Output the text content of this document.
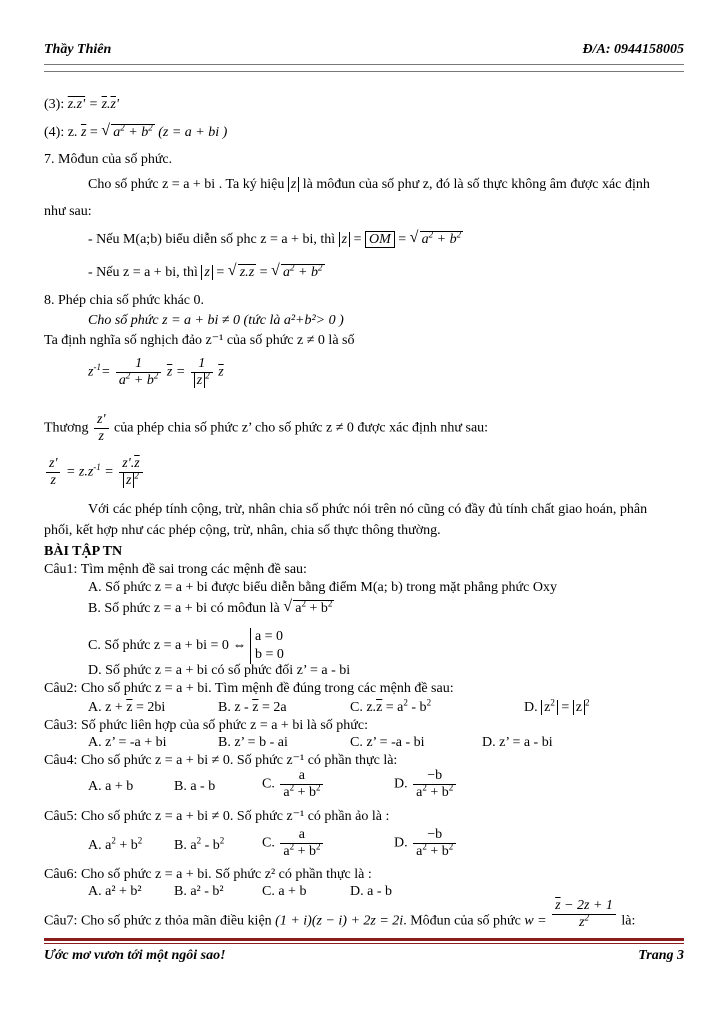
Thầy Thiên	Đ/A: 0944158005
(3): $z.z' = \overline{z}.\overline{z}'$
(4): z. $\overline{z}$ = √ $a^2 + b^2$ (z = a + bi )
7. Môđun của số phức.
Cho số phức z = a + bi . Ta ký hiệu z là môđun của số phư z, đó là số thực không âm được xác định
như sau:
- Nếu M(a;b) biểu diễn số phc z = a + bi, thì z = OM = √ $a^2 + b^2$
- Nếu z = a + bi, thì z = √ $z.\overline{z}$ = √ $a^2 + b^2$
8. Phép chia số phức khác 0.
Cho số phức z = a + bi ≠ 0 (tức là a²+b²> 0 )
Ta định nghĩa số nghịch đảo z⁻¹ của số phức z ≠ 0 là số
$z^{-1}= \frac{1}{a^2 + b^2} \overline{z} = \frac{1}{z ^2} \overline{z}$
Thương $\frac{z'}{z}$ của phép chia số phức z’ cho số phức z ≠ 0 được xác định như sau:
$\frac{z'}{z} = z.z^{-1} = \frac{z'.\overline{z}}{z ^2}$
Với các phép tính cộng, trừ, nhân chia số phức nói trên nó cũng có đầy đủ tính chất giao hoán, phân
phối, kết hợp như các phép cộng, trừ, nhân, chia số thực thông thường.
BÀI TẬP TN
Câu1: Tìm mệnh đề sai trong các mệnh đề sau:
A. Số phức z = a + bi được biểu diễn bằng điểm M(a; b) trong mặt phẳng phức Oxy
B. Số phức z = a + bi có môđun là √ $a^2 + b^2$
C. Số phức z = a + bi = 0 ⇔
a = 0
b = 0
D. Số phức z = a + bi có số phức đối z’ = a - bi
Câu2: Cho số phức z = a + bi. Tìm mệnh đề đúng trong các mệnh đề sau:
A. $z + \overline{z} = 2bi$	B. $z - \overline{z} = 2a$	C. $z.\overline{z} = a^2 - b^2$	D. $z^2 = z$ $^2$
Câu3: Số phức liên hợp của số phức z = a + bi là số phức:
A. z’ = -a + bi	B. z’ = b - ai	C. z’ = -a - bi	D. z’ = a - bi
Câu4: Cho số phức z = a + bi ≠ 0. Số phức z⁻¹ có phần thực là:
A. a + b	B. a - b	C. $\frac{a}{a^2 + b^2}$	D. $\frac{-b}{a^2 + b^2}$
Câu5: Cho số phức z = a + bi ≠ 0. Số phức z⁻¹ có phần ảo là :
A. $a^2 + b^2$ B. $a^2 - b^2$	C. $\frac{a}{a^2 + b^2}$	D. $\frac{-b}{a^2 + b^2}$
Câu6: Cho số phức z = a + bi. Số phức z² có phần thực là :
A. a² + b² B. a² - b²	C. a + b	D. a - b
Câu7: Cho số phức z thỏa mãn điều kiện (1 + i)(z − i) + 2z = 2i. Môđun của số phức $w = \frac{\overline{z} - 2z + 1}{z^2}$ là:
Ước mơ vươn tới một ngôi sao!	Trang 3
